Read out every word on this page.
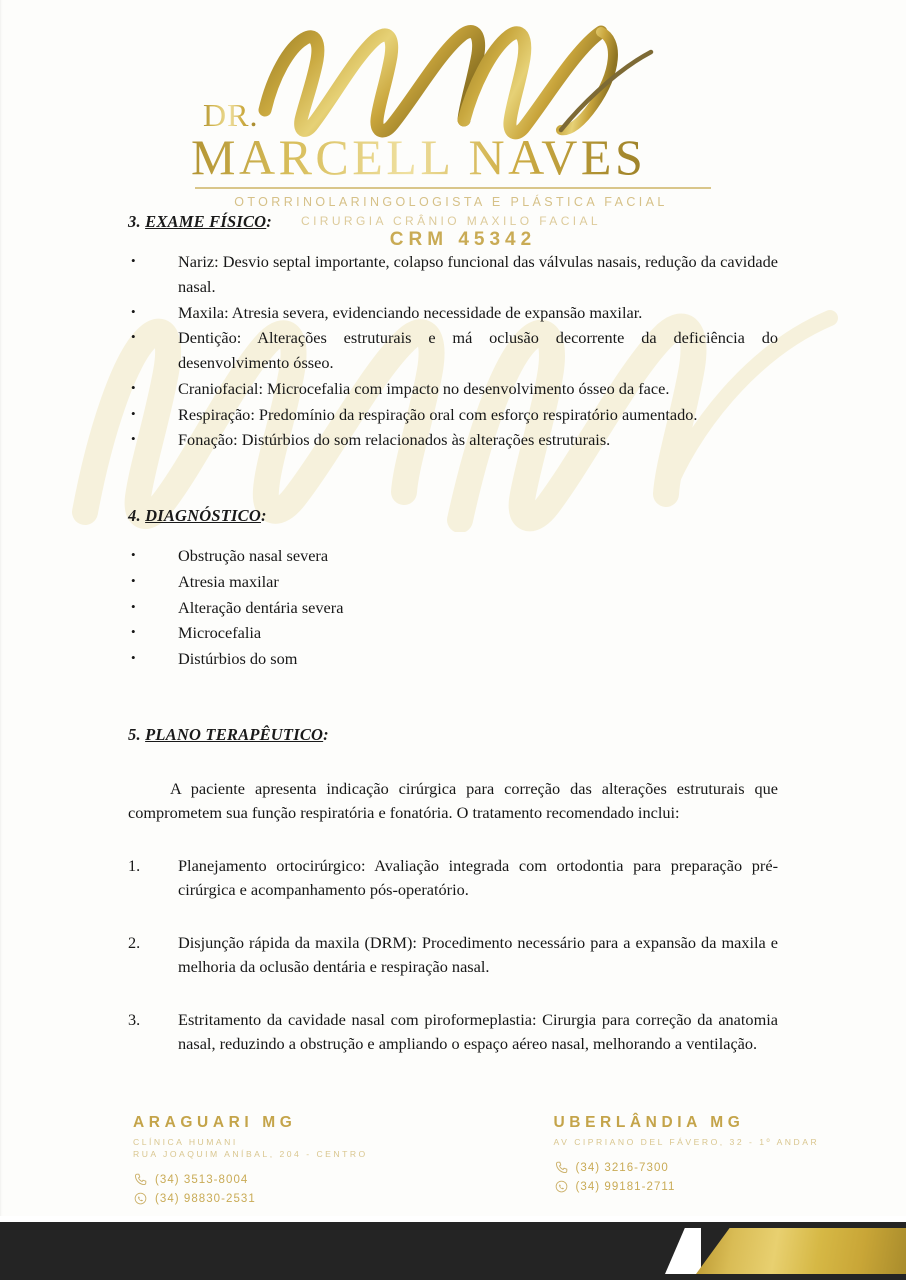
DR.
MARCELL NAVES
OTORRINOLARINGOLOGISTA E PLÁSTICA FACIAL
CIRURGIA CRÂNIO MAXILO FACIAL
CRM 45342
3. EXAME FÍSICO:
•	Nariz: Desvio septal importante, colapso funcional das válvulas nasais, redução da cavidade nasal.
•	Maxila: Atresia severa, evidenciando necessidade de expansão maxilar.
•	Dentição: Alterações estruturais e má oclusão decorrente da deficiência do desenvolvimento ósseo.
•	Craniofacial: Microcefalia com impacto no desenvolvimento ósseo da face.
•	Respiração: Predomínio da respiração oral com esforço respiratório aumentado.
•	Fonação: Distúrbios do som relacionados às alterações estruturais.
4. DIAGNÓSTICO:
•	Obstrução nasal severa
•	Atresia maxilar
•	Alteração dentária severa
•	Microcefalia
•	Distúrbios do som
5. PLANO TERAPÊUTICO:

A paciente apresenta indicação cirúrgica para correção das alterações estruturais que comprometem sua função respiratória e fonatória. O tratamento recomendado inclui:

1.	Planejamento ortocirúrgico: Avaliação integrada com ortodontia para preparação pré-cirúrgica e acompanhamento pós-operatório.
2.	Disjunção rápida da maxila (DRM): Procedimento necessário para a expansão da maxila e melhoria da oclusão dentária e respiração nasal.
3.	Estritamento da cavidade nasal com piroformeplastia: Cirurgia para correção da anatomia nasal, reduzindo a obstrução e ampliando o espaço aéreo nasal, melhorando a ventilação.
ARAGUARI MG
CLÍNICA HUMANI
RUA JOAQUIM ANÍBAL, 204 - CENTRO
(34) 3513-8004
(34) 98830-2531
UBERLÂNDIA MG
AV CIPRIANO DEL FÁVERO, 32 - 1º ANDAR
(34) 3216-7300
(34) 99181-2711
